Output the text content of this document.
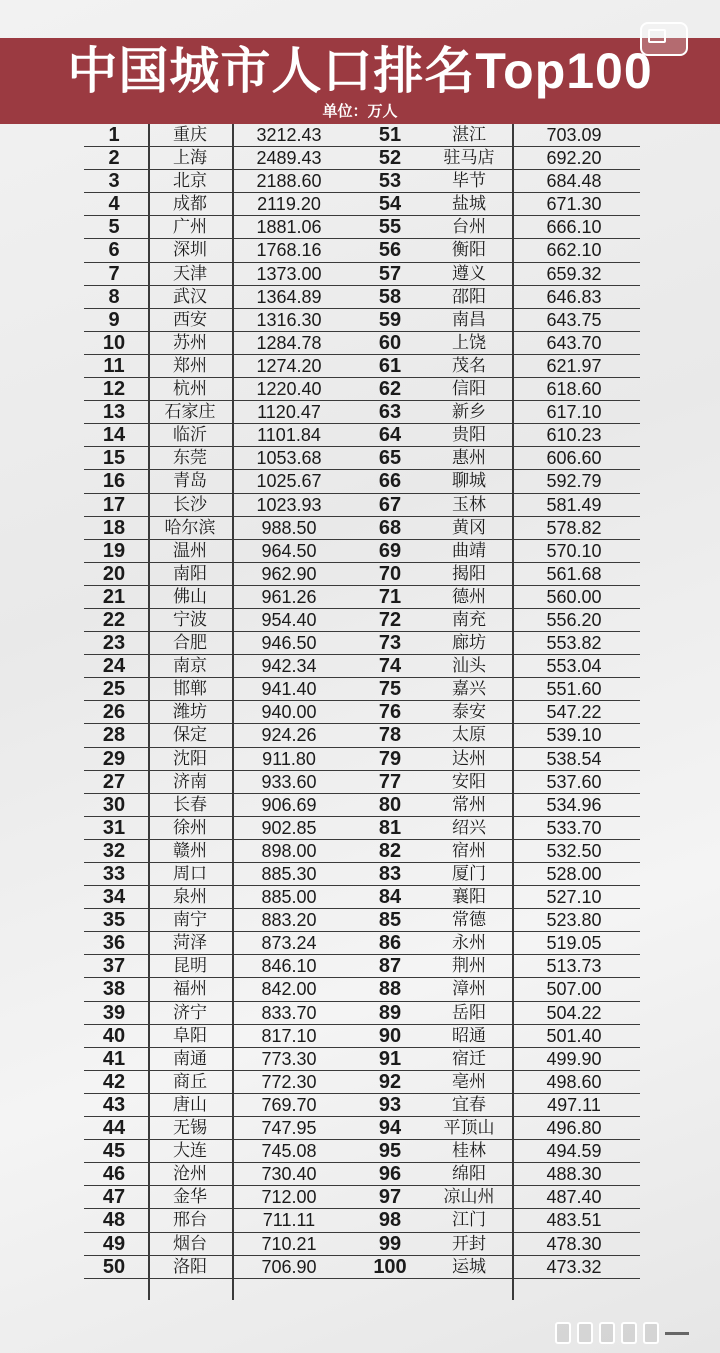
中国城市人口排名Top100
单位：万人
1	重庆	3212.43	51	湛江	703.09
2	上海	2489.43	52	驻马店	692.20
3	北京	2188.60	53	毕节	684.48
4	成都	2119.20	54	盐城	671.30
5	广州	1881.06	55	台州	666.10
6	深圳	1768.16	56	衡阳	662.10
7	天津	1373.00	57	遵义	659.32
8	武汉	1364.89	58	邵阳	646.83
9	西安	1316.30	59	南昌	643.75
10	苏州	1284.78	60	上饶	643.70
11	郑州	1274.20	61	茂名	621.97
12	杭州	1220.40	62	信阳	618.60
13	石家庄	1120.47	63	新乡	617.10
14	临沂	1101.84	64	贵阳	610.23
15	东莞	1053.68	65	惠州	606.60
16	青岛	1025.67	66	聊城	592.79
17	长沙	1023.93	67	玉林	581.49
18	哈尔滨	988.50	68	黄冈	578.82
19	温州	964.50	69	曲靖	570.10
20	南阳	962.90	70	揭阳	561.68
21	佛山	961.26	71	德州	560.00
22	宁波	954.40	72	南充	556.20
23	合肥	946.50	73	廊坊	553.82
24	南京	942.34	74	汕头	553.04
25	邯郸	941.40	75	嘉兴	551.60
26	潍坊	940.00	76	泰安	547.22
28	保定	924.26	78	太原	539.10
29	沈阳	911.80	79	达州	538.54
27	济南	933.60	77	安阳	537.60
30	长春	906.69	80	常州	534.96
31	徐州	902.85	81	绍兴	533.70
32	赣州	898.00	82	宿州	532.50
33	周口	885.30	83	厦门	528.00
34	泉州	885.00	84	襄阳	527.10
35	南宁	883.20	85	常德	523.80
36	菏泽	873.24	86	永州	519.05
37	昆明	846.10	87	荆州	513.73
38	福州	842.00	88	漳州	507.00
39	济宁	833.70	89	岳阳	504.22
40	阜阳	817.10	90	昭通	501.40
41	南通	773.30	91	宿迁	499.90
42	商丘	772.30	92	亳州	498.60
43	唐山	769.70	93	宜春	497.11
44	无锡	747.95	94	平顶山	496.80
45	大连	745.08	95	桂林	494.59
46	沧州	730.40	96	绵阳	488.30
47	金华	712.00	97	凉山州	487.40
48	邢台	711.11	98	江门	483.51
49	烟台	710.21	99	开封	478.30
50	洛阳	706.90	100	运城	473.32
